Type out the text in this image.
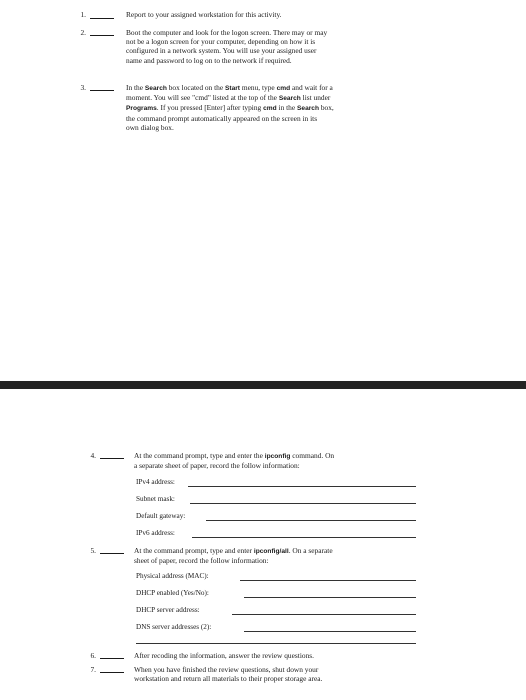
1.	Report to your assigned workstation for this activity.
2.	Boot the computer and look for the logon screen. There may or may
not be a logon screen for your computer, depending on how it is
configured in a network system. You will use your assigned user
name and password to log on to the network if required.
3.	In the Search box located on the Start menu, type cmd and wait for a
moment. You will see "cmd" listed at the top of the Search list under
Programs. If you pressed [Enter] after typing cmd in the Search box,
the command prompt automatically appeared on the screen in its
own dialog box.
4.	At the command prompt, type and enter the ipconfig command. On
a separate sheet of paper, record the follow information:
IPv4 address:
Subnet mask:
Default gateway:
IPv6 address:
5.	At the command prompt, type and enter ipconfig/all. On a separate
sheet of paper, record the follow information:
Physical address (MAC):
DHCP enabled (Yes/No):
DHCP server address:
DNS server addresses (2):
6.	After recoding the information, answer the review questions.
7.	When you have finished the review questions, shut down your
workstation and return all materials to their proper storage area.
